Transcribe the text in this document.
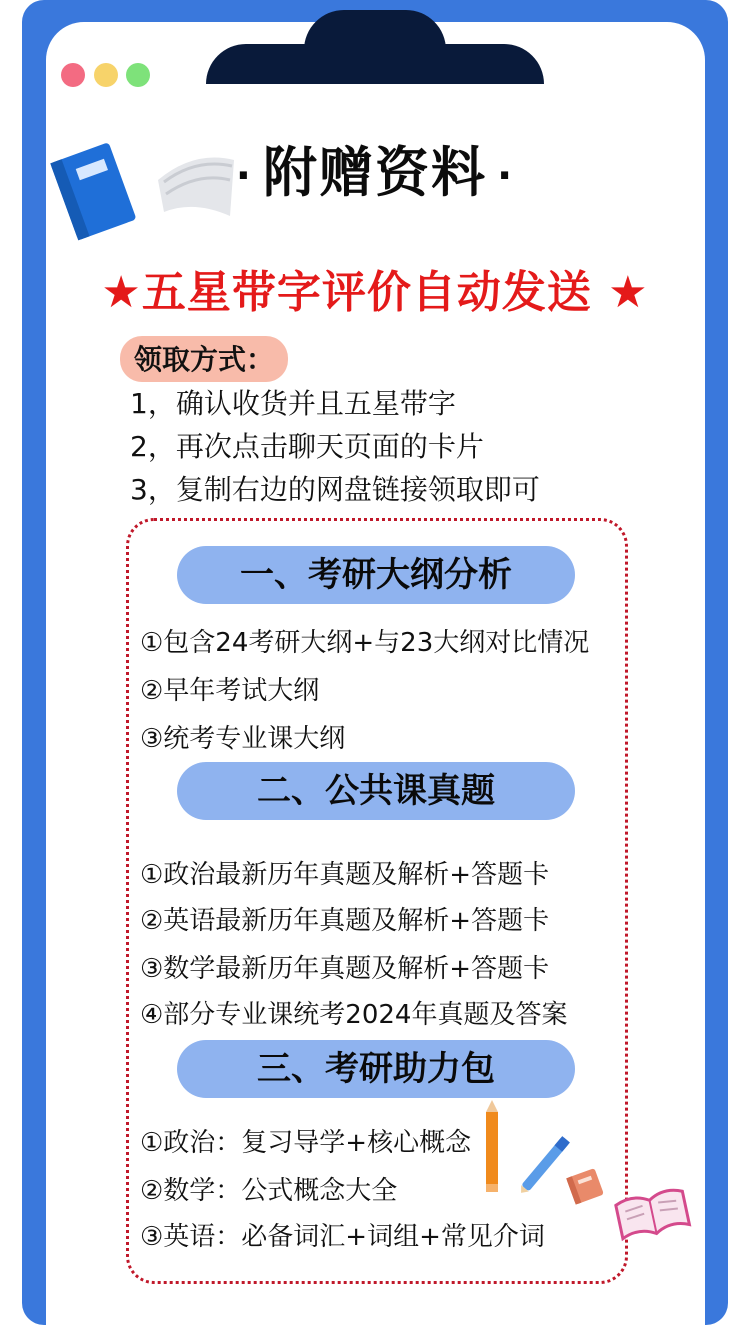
· 附赠资料 ·
★五星带字评价自动发送 ★
领取方式：
1，确认收货并且五星带字
2，再次点击聊天页面的卡片
3，复制右边的网盘链接领取即可
一、考研大纲分析
①包含24考研大纲+与23大纲对比情况
②早年考试大纲
③统考专业课大纲
二、公共课真题
①政治最新历年真题及解析+答题卡
②英语最新历年真题及解析+答题卡
③数学最新历年真题及解析+答题卡
④部分专业课统考2024年真题及答案
三、考研助力包
①政治：复习导学+核心概念
②数学：公式概念大全
③英语：必备词汇+词组+常见介词
